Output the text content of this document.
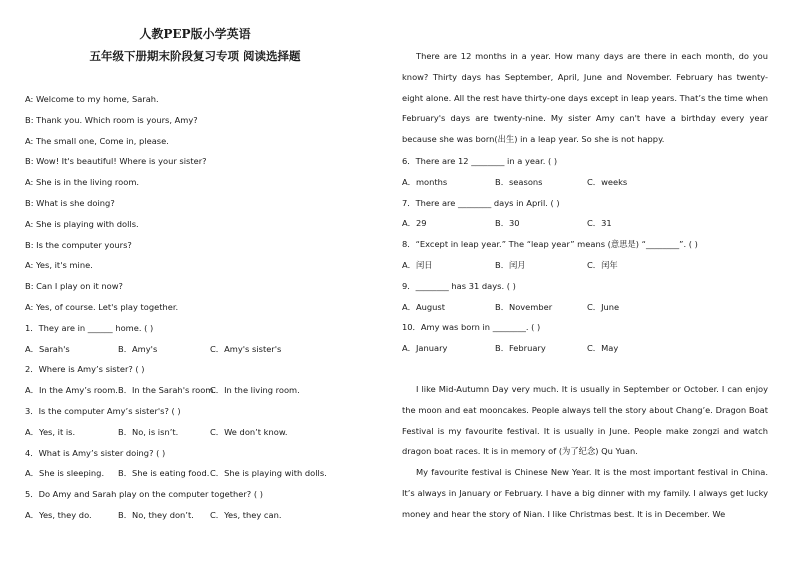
人教PEP版小学英语
五年级下册期末阶段复习专项 阅读选择题
A: Welcome to my home, Sarah.
B: Thank you. Which room is yours, Amy?
A: The small one, Come in, please.
B: Wow! It's beautiful! Where is your sister?
A: She is in the living room.
B: What is she doing?
A: She is playing with dolls.
B: Is the computer yours?
A: Yes, it's mine.
B: Can I play on it now?
A: Yes, of course. Let's play together.
1．They are in ______ home. ( )
A．Sarah's	B．Amy's	C．Amy's sister's
2．Where is Amy’s sister? ( )
A．In the Amy’s room. B．In the Sarah's room.
C．In the living room.
3．Is the computer Amy’s sister's? ( )
A．Yes, it is.	B．No, is isn’t.	C．We don’t know.
4．What is Amy’s sister doing? ( )
A．She is sleeping. B．She is eating food. C．She is playing with dolls.
5．Do Amy and Sarah play on the computer together? ( )
A．Yes, they do.	B．No, they don’t. C．Yes, they can.

There are 12 months in a year. How many days are there in each month, do you know? Thirty days has September, April, June and November. February has twenty-eight alone. All the rest have thirty-one days except in leap years. That’s the time when February's days are twenty-nine. My sister Amy can't have a birthday every year because she was born(出生) in a leap year. So she is not happy.

6．There are 12 ________ in a year. ( )
A．months	B．seasons	C．weeks
7．There are ________ days in April. ( )
A．29	B．30	C．31
8．“Except in leap year.” The “leap year” means (意思是) “________”. ( )
A．闰日	B．闰月	C．闰年
9．________ has 31 days. ( )
A．August	B．November	C．June
10．Amy was born in ________. ( )
A．January	B．February	C．May

I like Mid-Autumn Day very much. It is usually in September or October. I can enjoy the moon and eat mooncakes. People always tell the story about Chang’e. Dragon Boat Festival is my favourite festival. It is usually in June. People make zongzi and watch dragon boat races. It is in memory of (为了纪念) Qu Yuan.

My favourite festival is Chinese New Year. It is the most important festival in China. It’s always in January or February. I have a big dinner with my family. I always get lucky money and hear the story of Nian. I like Christmas best. It is in December. We
